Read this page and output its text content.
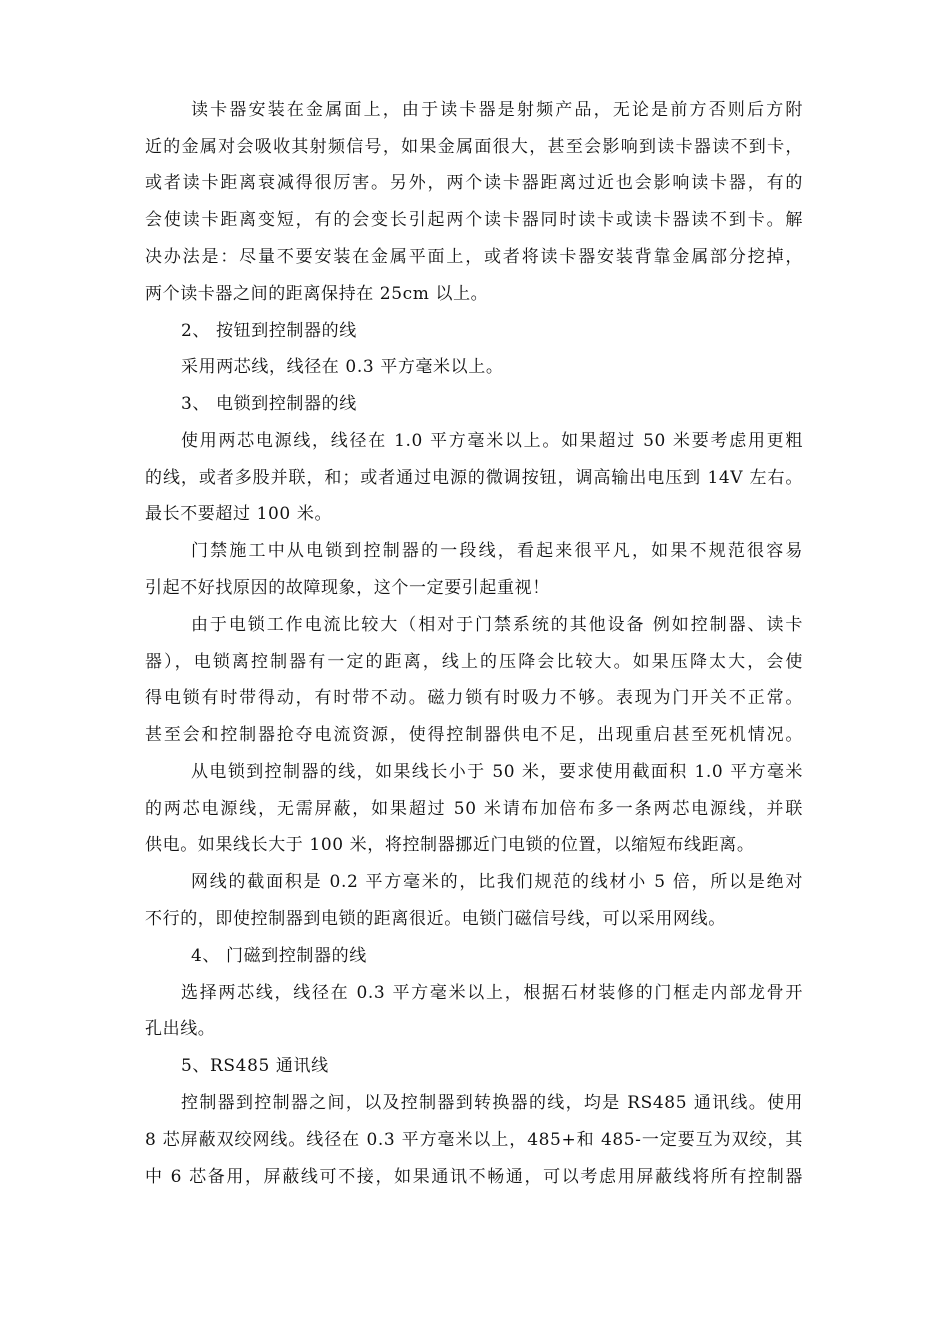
读卡器安装在金属面上，由于读卡器是射频产品，无论是前方否则后方附
近的金属对会吸收其射频信号，如果金属面很大，甚至会影响到读卡器读不到卡，
或者读卡距离衰减得很厉害。另外，两个读卡器距离过近也会影响读卡器，有的
会使读卡距离变短，有的会变长引起两个读卡器同时读卡或读卡器读不到卡。解
决办法是：尽量不要安装在金属平面上，或者将读卡器安装背靠金属部分挖掉，
两个读卡器之间的距离保持在 25cm 以上。
2、 按钮到控制器的线
采用两芯线，线径在 0.3 平方毫米以上。
3、 电锁到控制器的线
使用两芯电源线，线径在 1.0 平方毫米以上。如果超过 50 米要考虑用更粗
的线，或者多股并联，和；或者通过电源的微调按钮，调高输出电压到 14V 左右。
最长不要超过 100 米。
门禁施工中从电锁到控制器的一段线，看起来很平凡，如果不规范很容易
引起不好找原因的故障现象，这个一定要引起重视！
由于电锁工作电流比较大（相对于门禁系统的其他设备 例如控制器、读卡
器），电锁离控制器有一定的距离，线上的压降会比较大。如果压降太大，会使
得电锁有时带得动，有时带不动。磁力锁有时吸力不够。表现为门开关不正常。
甚至会和控制器抢夺电流资源，使得控制器供电不足，出现重启甚至死机情况。
从电锁到控制器的线，如果线长小于 50 米，要求使用截面积 1.0 平方毫米
的两芯电源线，无需屏蔽，如果超过 50 米请布加倍布多一条两芯电源线，并联
供电。如果线长大于 100 米，将控制器挪近门电锁的位置，以缩短布线距离。
网线的截面积是 0.2 平方毫米的，比我们规范的线材小 5 倍，所以是绝对
不行的，即使控制器到电锁的距离很近。电锁门磁信号线，可以采用网线。
4、 门磁到控制器的线
选择两芯线，线径在 0.3 平方毫米以上，根据石材装修的门框走内部龙骨开
孔出线。
5、RS485 通讯线
控制器到控制器之间，以及控制器到转换器的线，均是 RS485 通讯线。使用
8 芯屏蔽双绞网线。线径在 0.3 平方毫米以上，485+和 485-一定要互为双绞，其
中 6 芯备用，屏蔽线可不接，如果通讯不畅通，可以考虑用屏蔽线将所有控制器
